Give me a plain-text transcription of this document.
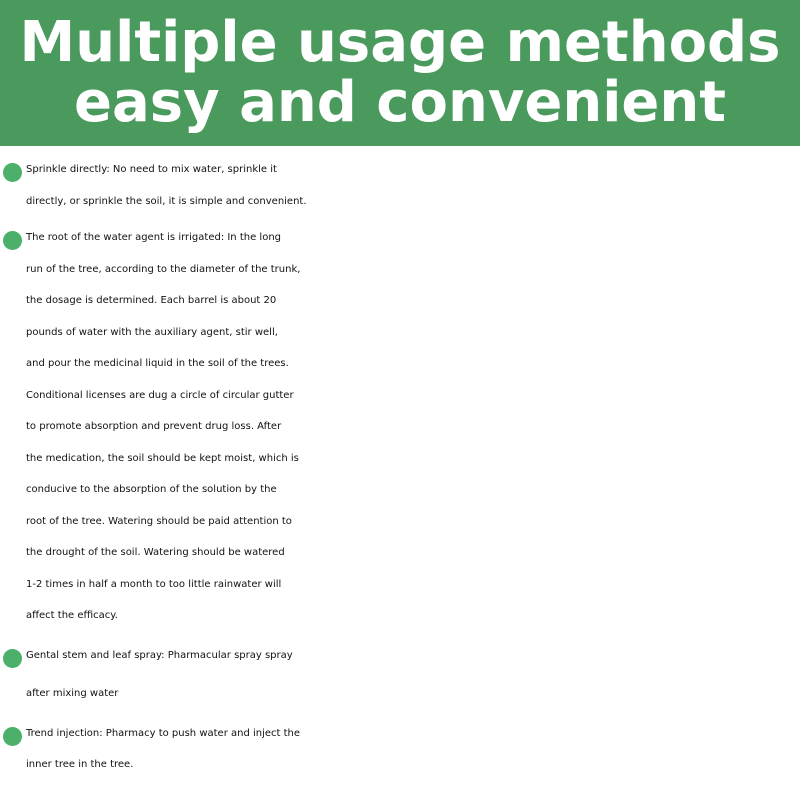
Multiple usage methods
easy and convenient
Sprinkle directly: No need to mix water, sprinkle it
directly, or sprinkle the soil, it is simple and convenient.
The root of the water agent is irrigated: In the long
run of the tree, according to the diameter of the trunk,
the dosage is determined. Each barrel is about 20
pounds of water with the auxiliary agent, stir well,
and pour the medicinal liquid in the soil of the trees.
Conditional licenses are dug a circle of circular gutter
to promote absorption and prevent drug loss. After
the medication, the soil should be kept moist, which is
conducive to the absorption of the solution by the
root of the tree. Watering should be paid attention to
the drought of the soil. Watering should be watered
1-2 times in half a month to too little rainwater will
affect the efficacy.
Gental stem and leaf spray: Pharmacular spray spray
after mixing water
Trend injection: Pharmacy to push water and inject the
inner tree in the tree.
